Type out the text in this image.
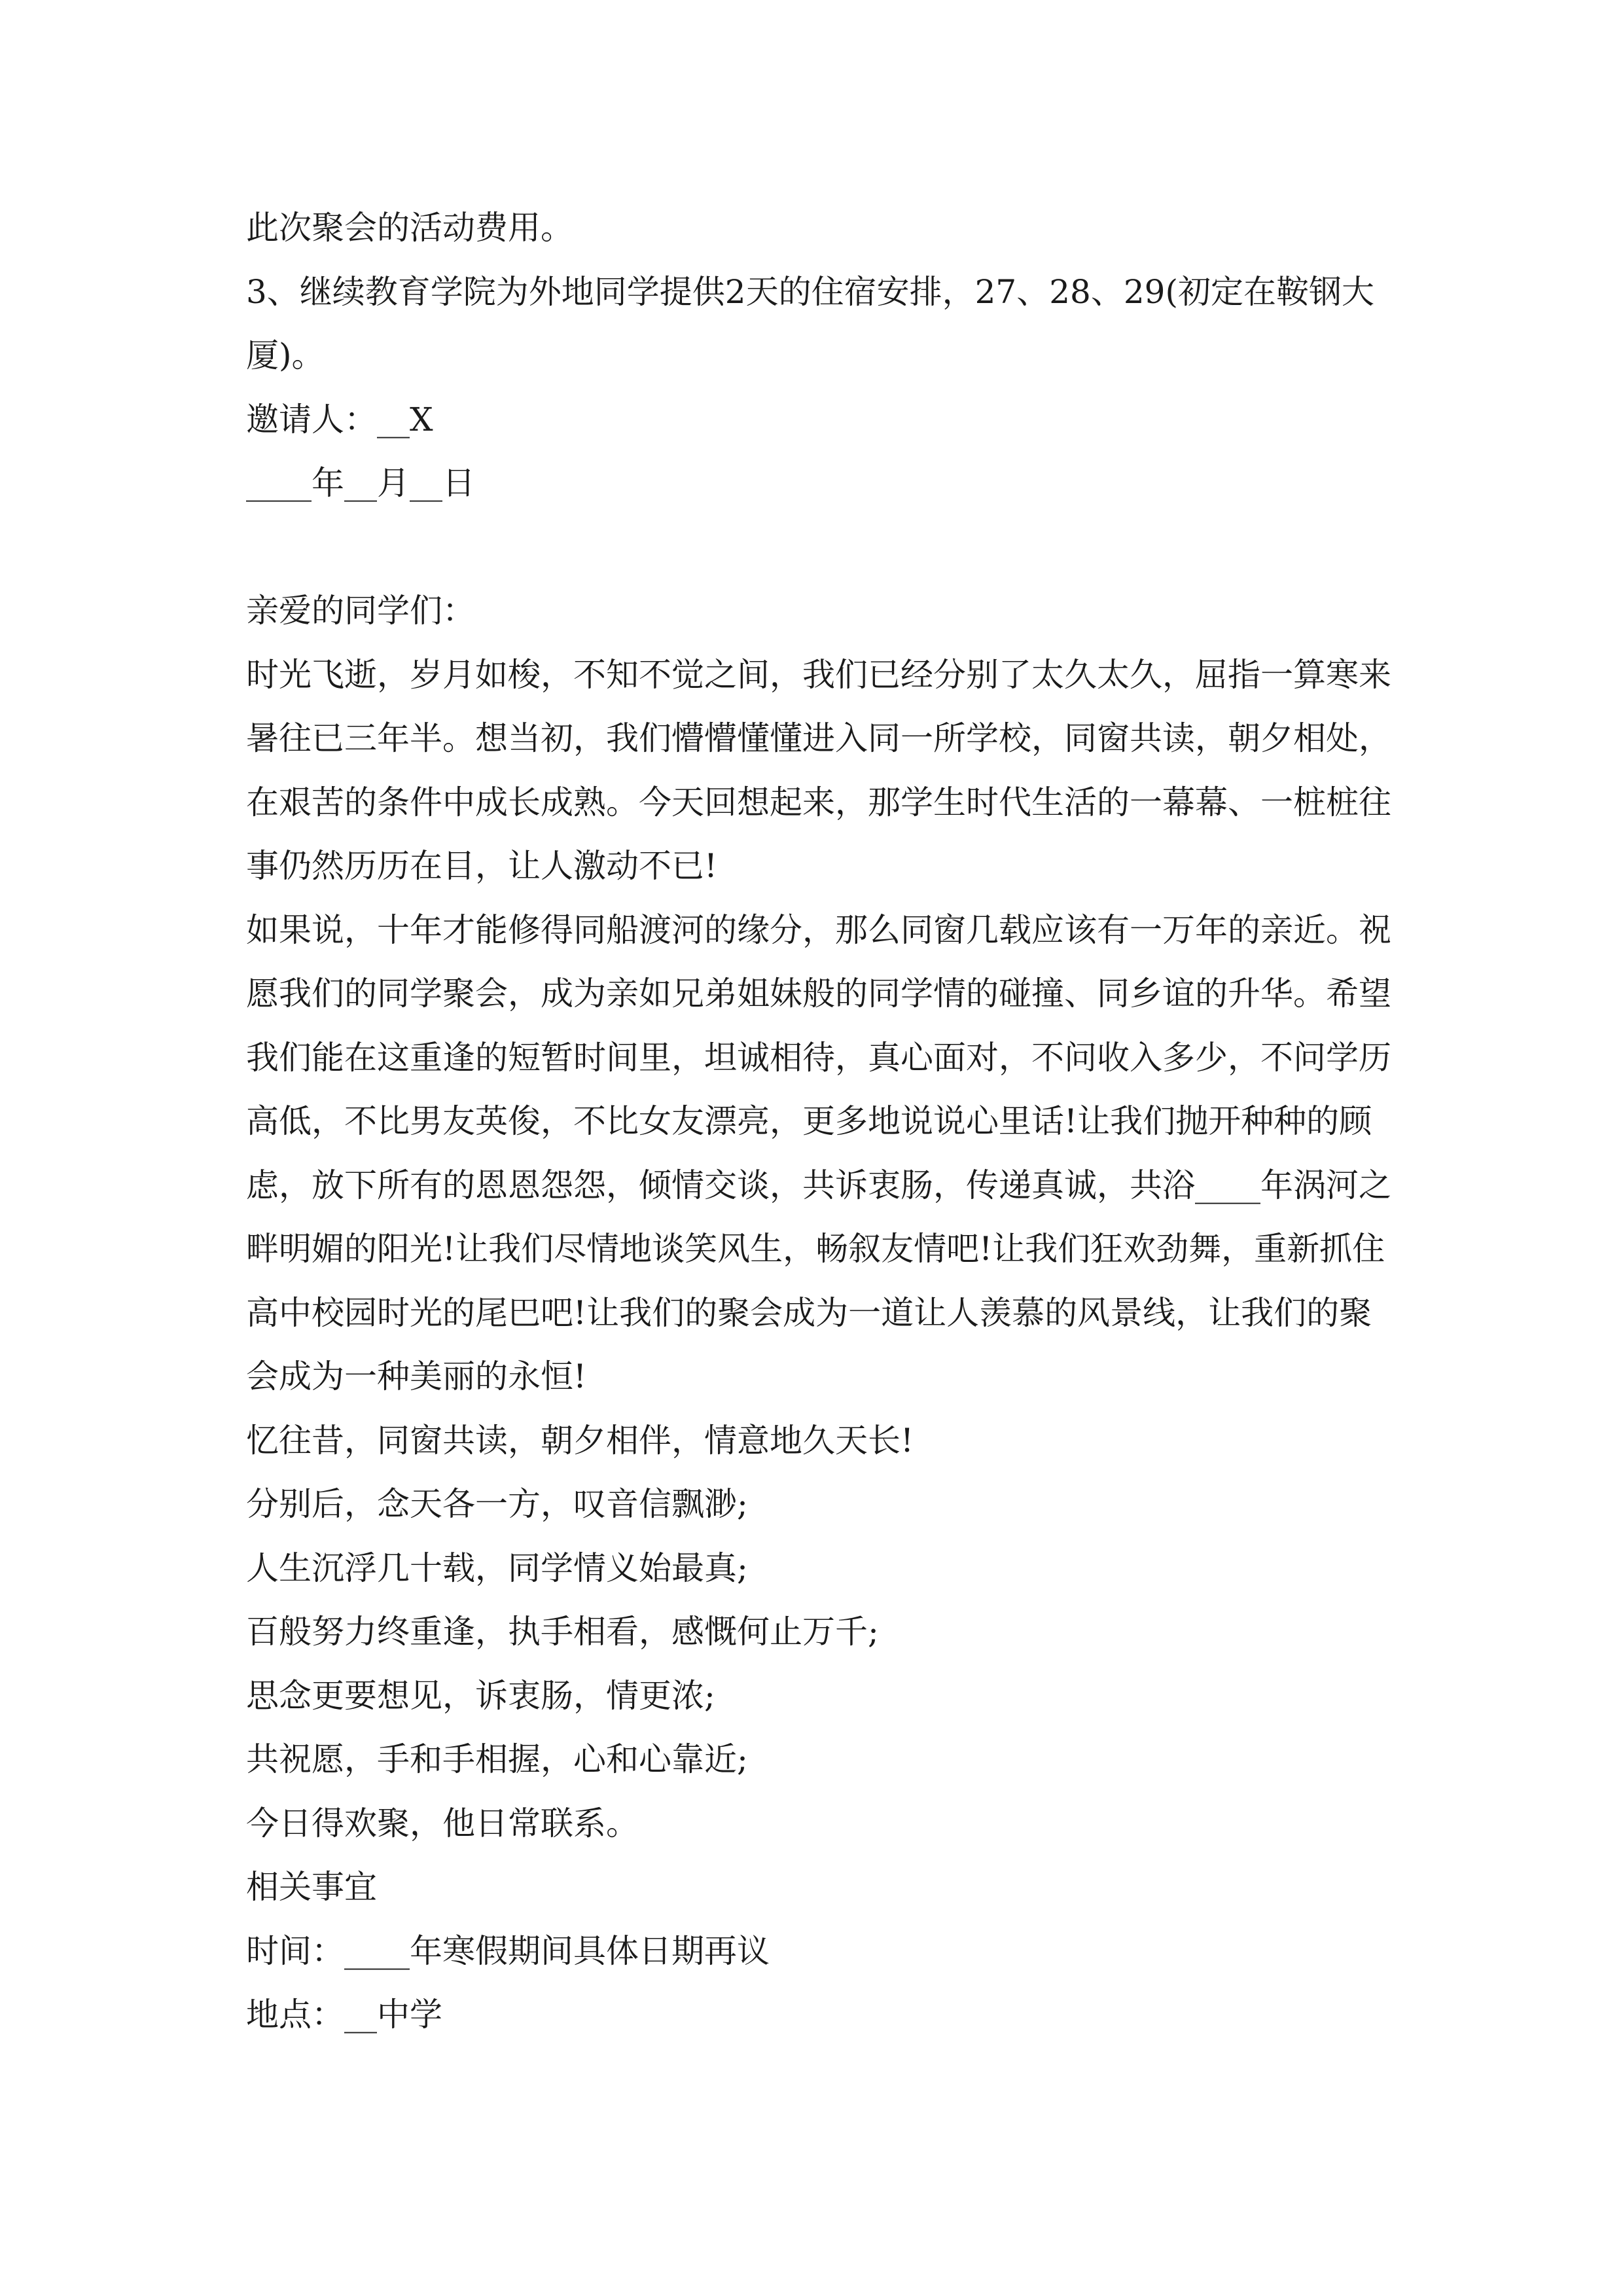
此次聚会的活动费用。
3、继续教育学院为外地同学提供2天的住宿安排，27、28、29(初定在鞍钢大
厦)。
邀请人：__X
____年__月__日
亲爱的同学们：
时光飞逝，岁月如梭，不知不觉之间，我们已经分别了太久太久，屈指一算寒来
暑往已三年半。想当初，我们懵懵懂懂进入同一所学校，同窗共读，朝夕相处，
在艰苦的条件中成长成熟。今天回想起来，那学生时代生活的一幕幕、一桩桩往
事仍然历历在目，让人激动不已!
如果说，十年才能修得同船渡河的缘分，那么同窗几载应该有一万年的亲近。祝
愿我们的同学聚会，成为亲如兄弟姐妹般的同学情的碰撞、同乡谊的升华。希望
我们能在这重逢的短暂时间里，坦诚相待，真心面对，不问收入多少，不问学历
高低，不比男友英俊，不比女友漂亮，更多地说说心里话!让我们抛开种种的顾
虑，放下所有的恩恩怨怨，倾情交谈，共诉衷肠，传递真诚，共浴____年涡河之
畔明媚的阳光!让我们尽情地谈笑风生，畅叙友情吧!让我们狂欢劲舞，重新抓住
高中校园时光的尾巴吧!让我们的聚会成为一道让人羡慕的风景线，让我们的聚
会成为一种美丽的永恒!
忆往昔，同窗共读，朝夕相伴，情意地久天长!
分别后，念天各一方，叹音信飘渺;
人生沉浮几十载，同学情义始最真;
百般努力终重逢，执手相看，感慨何止万千;
思念更要想见，诉衷肠，情更浓;
共祝愿，手和手相握，心和心靠近;
今日得欢聚，他日常联系。
相关事宜
时间：____年寒假期间具体日期再议
地点：__中学
